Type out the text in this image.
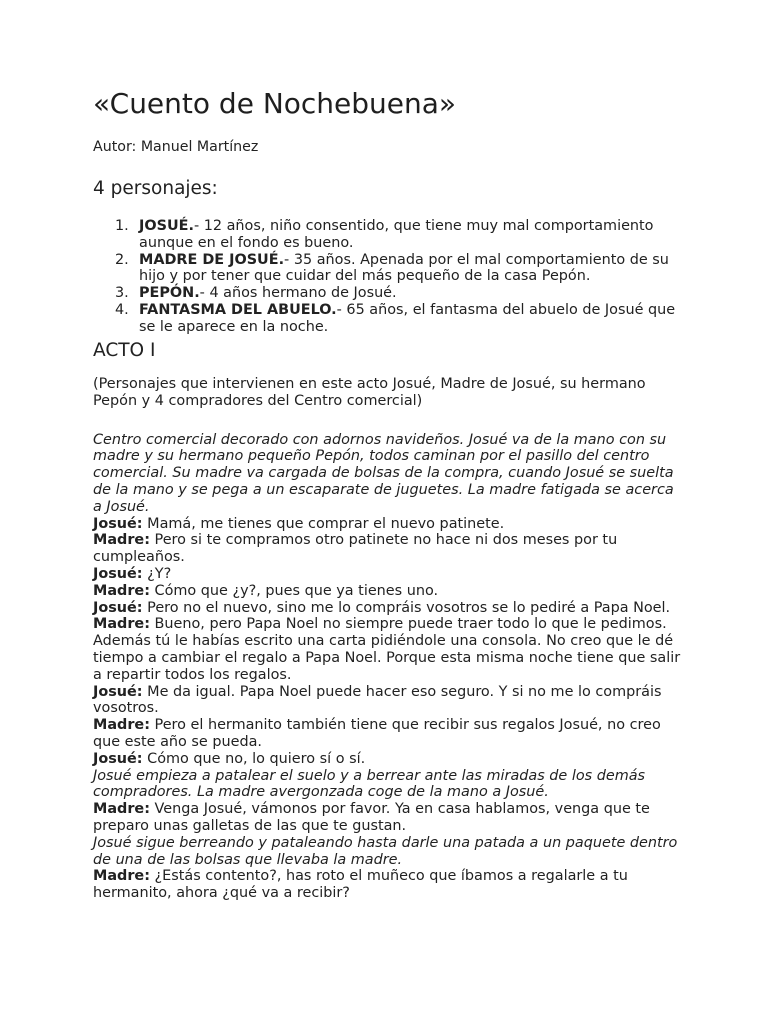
«Cuento de Nochebuena»

Autor: Manuel Martínez

4 personajes:
1. JOSUÉ.- 12 años, niño consentido, que tiene muy mal comportamiento aunque en el fondo es bueno.
2. MADRE DE JOSUÉ.- 35 años. Apenada por el mal comportamiento de su hijo y por tener que cuidar del más pequeño de la casa Pepón.
3. PEPÓN.- 4 años hermano de Josué.
4. FANTASMA DEL ABUELO.- 65 años, el fantasma del abuelo de Josué que se le aparece en la noche.
ACTO I

(Personajes que intervienen en este acto Josué, Madre de Josué, su hermano Pepón y 4 compradores del Centro comercial)

Centro comercial decorado con adornos navideños. Josué va de la mano con su madre y su hermano pequeño Pepón, todos caminan por el pasillo del centro comercial. Su madre va cargada de bolsas de la compra, cuando Josué se suelta de la mano y se pega a un escaparate de juguetes. La madre fatigada se acerca a Josué.

Josué: Mamá, me tienes que comprar el nuevo patinete.

Madre: Pero si te compramos otro patinete no hace ni dos meses por tu cumpleaños.

Josué: ¿Y?

Madre: Cómo que ¿y?, pues que ya tienes uno.

Josué: Pero no el nuevo, sino me lo compráis vosotros se lo pediré a Papa Noel.

Madre: Bueno, pero Papa Noel no siempre puede traer todo lo que le pedimos. Además tú le habías escrito una carta pidiéndole una consola. No creo que le dé tiempo a cambiar el regalo a Papa Noel. Porque esta misma noche tiene que salir a repartir todos los regalos.

Josué: Me da igual. Papa Noel puede hacer eso seguro. Y si no me lo compráis vosotros.

Madre: Pero el hermanito también tiene que recibir sus regalos Josué, no creo que este año se pueda.

Josué: Cómo que no, lo quiero sí o sí.

Josué empieza a patalear el suelo y a berrear ante las miradas de los demás compradores. La madre avergonzada coge de la mano a Josué.

Madre: Venga Josué, vámonos por favor. Ya en casa hablamos, venga que te preparo unas galletas de las que te gustan.

Josué sigue berreando y pataleando hasta darle una patada a un paquete dentro de una de las bolsas que llevaba la madre.

Madre: ¿Estás contento?, has roto el muñeco que íbamos a regalarle a tu hermanito, ahora ¿qué va a recibir?
